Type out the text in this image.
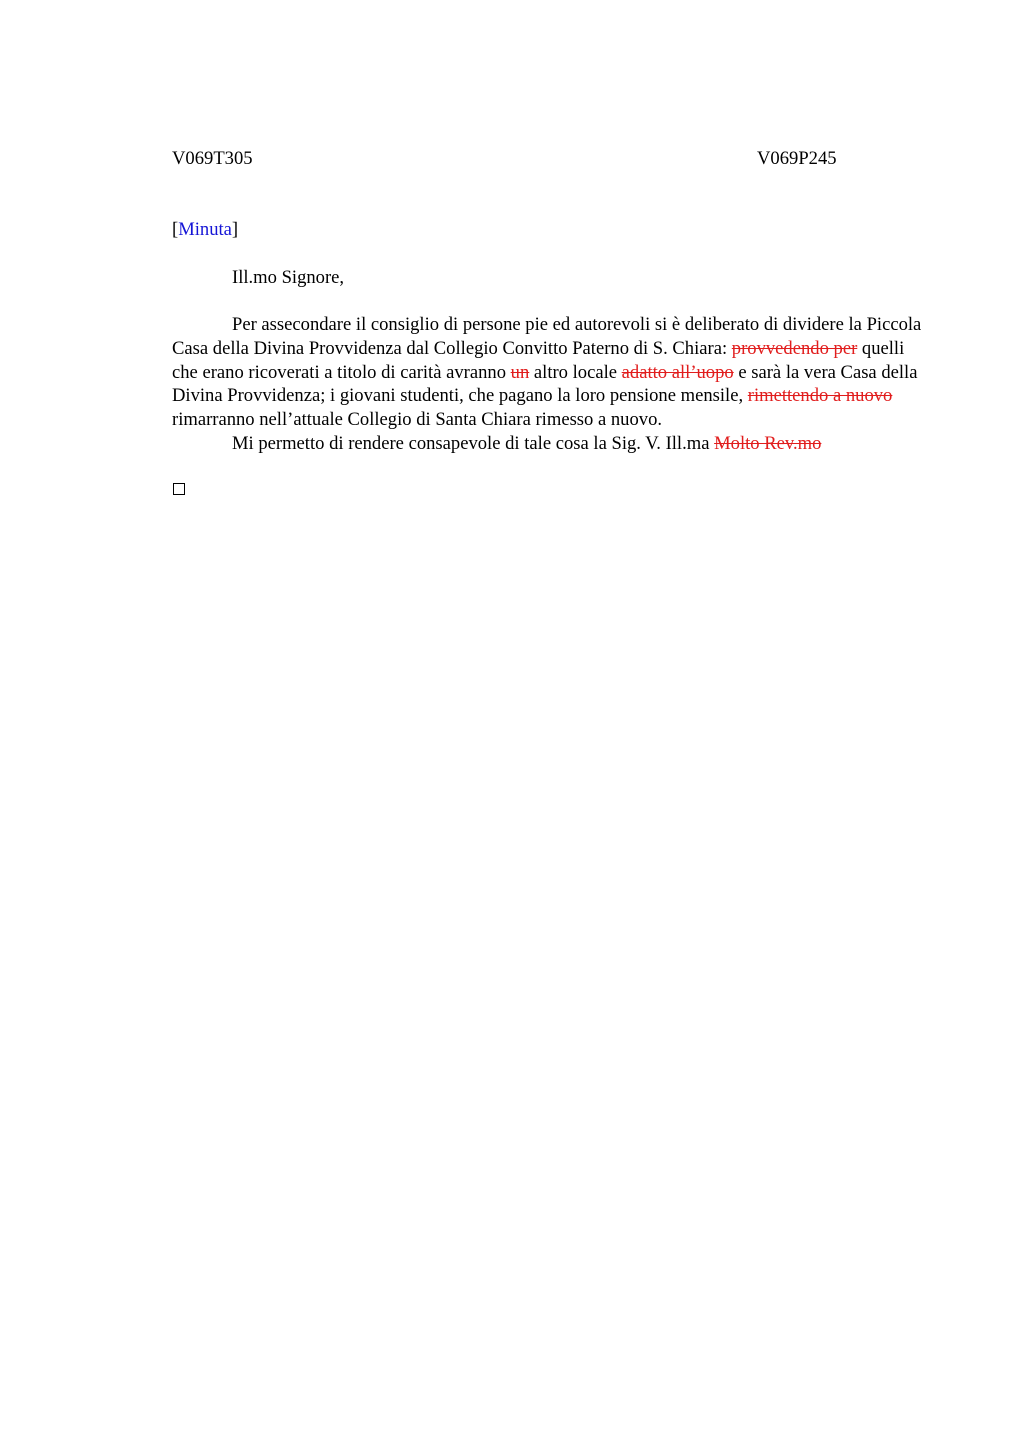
V069T305	V069P245
[Minuta]
Ill.mo Signore,

Per assecondare il consiglio di persone pie ed autorevoli si è deliberato di dividere la Piccola Casa della Divina Provvidenza dal Collegio Convitto Paterno di S. Chiara: provvedendo per quelli che erano ricoverati a titolo di carità avranno un altro locale adatto all’uopo e sarà la vera Casa della Divina Provvidenza; i giovani studenti, che pagano la loro pensione mensile, rimettendo a nuovo rimarranno nell’attuale Collegio di Santa Chiara rimesso a nuovo.

Mi permetto di rendere consapevole di tale cosa la Sig. V. Ill.ma Molto Rev.mo
